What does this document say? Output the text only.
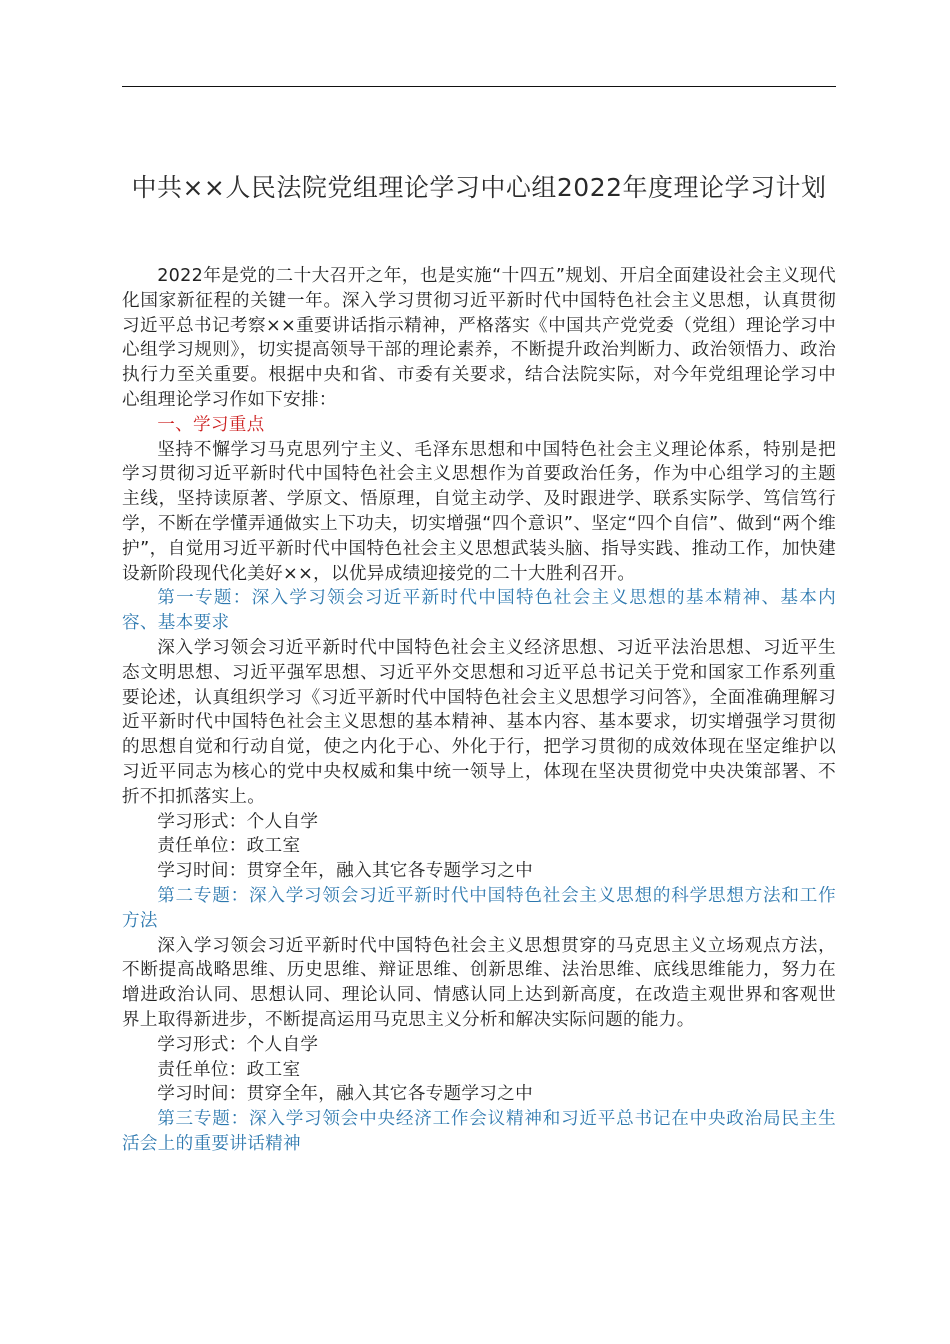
中共××人民法院党组理论学习中心组2022年度理论学习计划

2022年是党的二十大召开之年，也是实施“十四五”规划、开启全面建设社会主义现代化国家新征程的关键一年。深入学习贯彻习近平新时代中国特色社会主义思想，认真贯彻习近平总书记考察××重要讲话指示精神，严格落实《中国共产党党委（党组）理论学习中心组学习规则》，切实提高领导干部的理论素养，不断提升政治判断力、政治领悟力、政治执行力至关重要。根据中央和省、市委有关要求，结合法院实际，对今年党组理论学习中心组理论学习作如下安排：

一、学习重点

坚持不懈学习马克思列宁主义、毛泽东思想和中国特色社会主义理论体系，特别是把学习贯彻习近平新时代中国特色社会主义思想作为首要政治任务，作为中心组学习的主题主线，坚持读原著、学原文、悟原理，自觉主动学、及时跟进学、联系实际学、笃信笃行学，不断在学懂弄通做实上下功夫，切实增强“四个意识”、坚定“四个自信”、做到“两个维护”，自觉用习近平新时代中国特色社会主义思想武装头脑、指导实践、推动工作，加快建设新阶段现代化美好××，以优异成绩迎接党的二十大胜利召开。

第一专题：深入学习领会习近平新时代中国特色社会主义思想的基本精神、基本内容、基本要求

深入学习领会习近平新时代中国特色社会主义经济思想、习近平法治思想、习近平生态文明思想、习近平强军思想、习近平外交思想和习近平总书记关于党和国家工作系列重要论述，认真组织学习《习近平新时代中国特色社会主义思想学习问答》，全面准确理解习近平新时代中国特色社会主义思想的基本精神、基本内容、基本要求，切实增强学习贯彻的思想自觉和行动自觉，使之内化于心、外化于行，把学习贯彻的成效体现在坚定维护以习近平同志为核心的党中央权威和集中统一领导上，体现在坚决贯彻党中央决策部署、不折不扣抓落实上。

学习形式：个人自学

责任单位：政工室

学习时间：贯穿全年，融入其它各专题学习之中

第二专题：深入学习领会习近平新时代中国特色社会主义思想的科学思想方法和工作方法

深入学习领会习近平新时代中国特色社会主义思想贯穿的马克思主义立场观点方法，不断提高战略思维、历史思维、辩证思维、创新思维、法治思维、底线思维能力，努力在增进政治认同、思想认同、理论认同、情感认同上达到新高度，在改造主观世界和客观世界上取得新进步，不断提高运用马克思主义分析和解决实际问题的能力。

学习形式：个人自学

责任单位：政工室

学习时间：贯穿全年，融入其它各专题学习之中

第三专题：深入学习领会中央经济工作会议精神和习近平总书记在中央政治局民主生活会上的重要讲话精神
